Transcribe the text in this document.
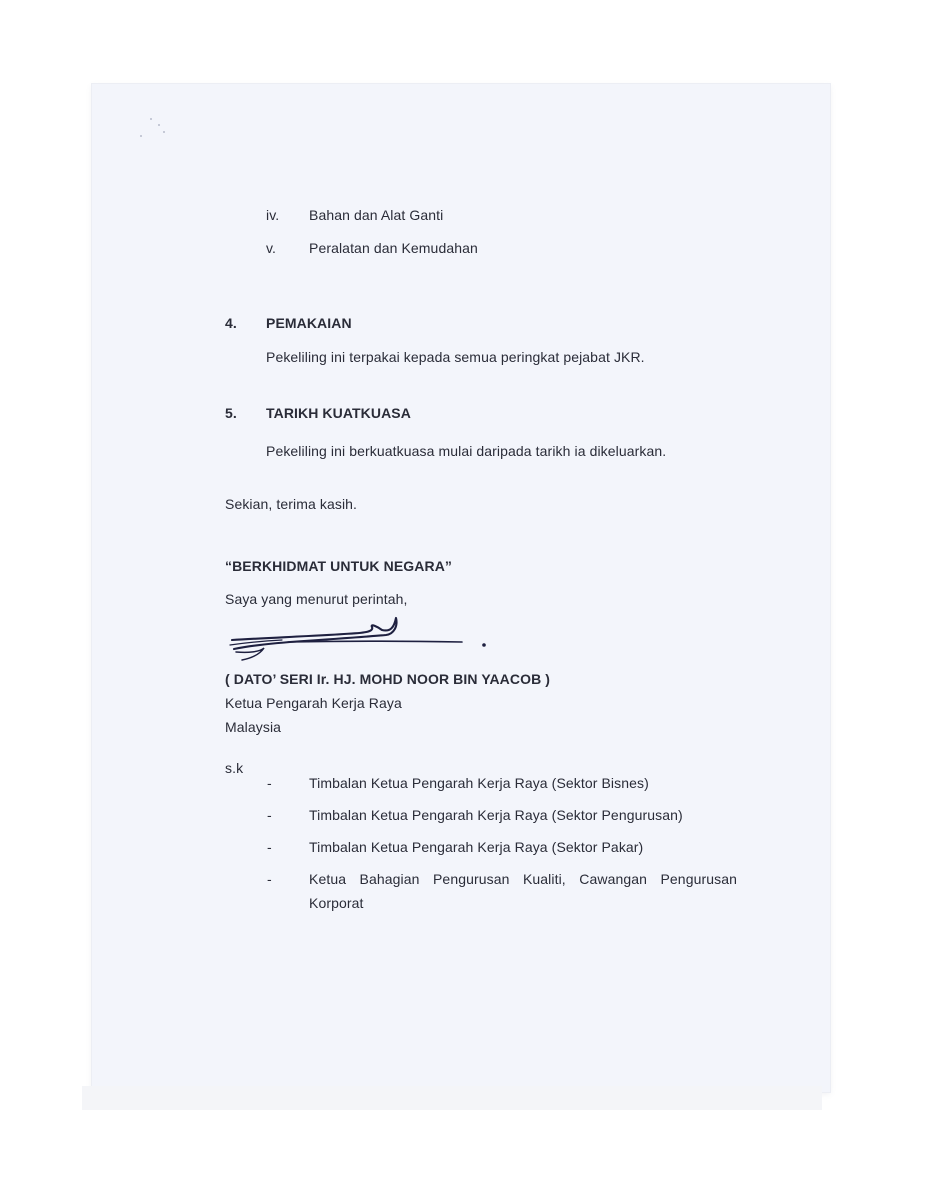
iv. Bahan dan Alat Ganti
v. Peralatan dan Kemudahan
4. PEMAKAIAN
Pekeliling ini terpakai kepada semua peringkat pejabat JKR.
5. TARIKH KUATKUASA
Pekeliling ini berkuatkuasa mulai daripada tarikh ia dikeluarkan.
Sekian, terima kasih.
“BERKHIDMAT UNTUK NEGARA”
Saya yang menurut perintah,
( DATO’ SERI Ir. HJ. MOHD NOOR BIN YAACOB )
Ketua Pengarah Kerja Raya
Malaysia
s.k
-	Timbalan Ketua Pengarah Kerja Raya (Sektor Bisnes)
-	Timbalan Ketua Pengarah Kerja Raya (Sektor Pengurusan)
-	Timbalan Ketua Pengarah Kerja Raya (Sektor Pakar)
-	Ketua Bahagian Pengurusan Kualiti, Cawangan Pengurusan
Korporat
